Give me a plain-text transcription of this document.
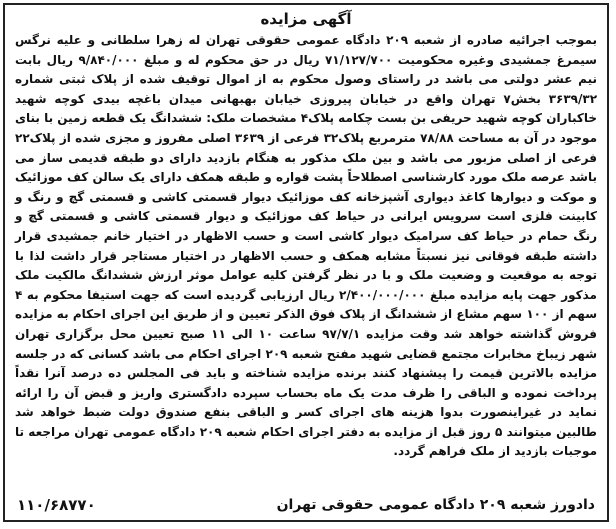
آگهی مزایده

بموجب اجرائیه صادره از شعبه ۲۰۹ دادگاه عمومی حقوقی تهران له زهرا سلطانی و علیه نرگس سیمرغ جمشیدی وغیره محکومیت ۷۱/۱۲۷/۷۰۰ ریال در حق محکوم له و مبلغ ۹/۸۴۰/۰۰۰ ریال بابت نیم عشر دولتی می باشد در راستای وصول محکوم به از اموال توقیف شده از پلاک ثبتی شماره ۳۶۳۹/۳۲ بخش۷ تهران واقع در خیابان پیروزی خیابان بهبهانی میدان باغچه بیدی کوچه شهید خاکباران کوچه شهید حریفی بن بست چکامه پلاک۴ مشخصات ملک: ششدانگ یک قطعه زمین با بنای موجود در آن به مساحت ۷۸/۸۸ مترمربع پلاک۳۲ فرعی از ۳۶۳۹ اصلی مفروز و مجزی شده از پلاک۲۲ فرعی از اصلی مزبور می باشد و بین ملک مذکور به هنگام بازدید دارای دو طبقه قدیمی ساز می باشد عرصه ملک مورد کارشناسی اصطلاحاً پشت قواره و طبقه همکف دارای یک سالن کف موزائیک و موکت و دیوارها کاغذ دیواری آشپزخانه کف موزائیک دیوار قسمتی کاشی و قسمتی گچ و رنگ و کابینت فلزی است سرویس ایرانی در حیاط کف موزائیک و دیوار قسمتی کاشی و قسمتی گچ و رنگ حمام در حیاط کف سرامیک دیوار کاشی است و حسب الاظهار در اختیار خانم جمشیدی قرار داشته طبقه فوقانی نیز نسبتاً مشابه همکف و حسب الاظهار در اختیار مستاجر قرار داشت لذا با توجه به موقعیت و وضعیت ملک و با در نظر گرفتن کلیه عوامل موثر ارزش ششدانگ مالکیت ملک مذکور جهت پایه مزایده مبلغ ۲/۴۰۰/۰۰۰/۰۰۰ ریال ارزیابی گردیده است که جهت استیفا محکوم به ۴ سهم از ۱۰۰ سهم مشاع از ششدانگ از پلاک فوق الذکر تعیین و از طریق این اجرای احکام به مزایده فروش گذاشته خواهد شد وقت مزایده ۹۷/۷/۱ ساعت ۱۰ الی ۱۱ صبح تعیین محل برگزاری تهران شهر زیباخ مخابرات مجتمع قضایی شهید مفتح شعبه ۲۰۹ اجرای احکام می باشد کسانی که در جلسه مزایده بالاترین قیمت را پیشنهاد کنند برنده مزایده شناخته و باید فی المجلس ده درصد آنرا نقداً پرداخت نموده و الباقی را ظرف مدت یک ماه بحساب سپرده دادگستری واریز و قبض آن را ارائه نماید در غیراینصورت بدوا هزینه های اجرای کسر و الباقی بنفع صندوق دولت ضبط خواهد شد طالبین میتوانند ۵ روز قبل از مزایده به دفتر اجرای احکام شعبه ۲۰۹ دادگاه عمومی تهران مراجعه تا موجبات بازدید از ملک فراهم گردد.

دادورز شعبه ۲۰۹ دادگاه عمومی حقوقی تهران
۱۱۰/۶۸۷۷۰
